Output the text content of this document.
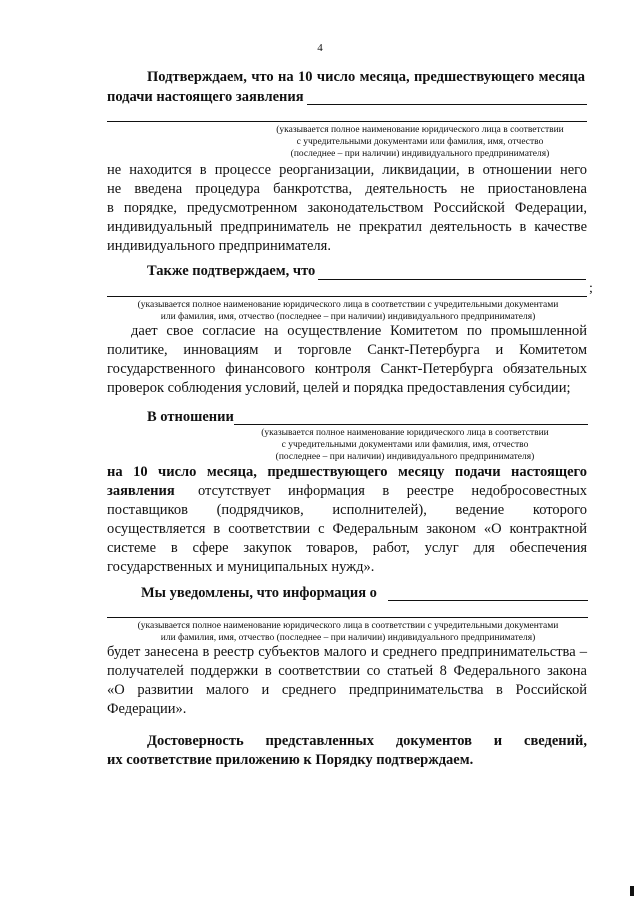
4
Подтверждаем, что на 10 число месяца, предшествующего месяца
подачи настоящего заявления
(указывается полное наименование юридического лица в соответствии
с учредительными документами или фамилия, имя, отчество
(последнее – при наличии) индивидуального предпринимателя)
не находится в процессе реорганизации, ликвидации, в отношении него
не введена процедура банкротства, деятельность не приостановлена
в порядке, предусмотренном законодательством Российской Федерации,
индивидуальный предприниматель не прекратил деятельность в качестве
индивидуального предпринимателя.
Также подтверждаем, что
;
(указывается полное наименование юридического лица в соответствии с учредительными документами
или фамилия, имя, отчество (последнее – при наличии) индивидуального предпринимателя)
дает свое согласие на осуществление Комитетом по промышленной
политике, инновациям и торговле Санкт-Петербурга и Комитетом
государственного финансового контроля Санкт-Петербурга обязательных
проверок соблюдения условий, целей и порядка предоставления субсидии;
В отношении
(указывается полное наименование юридического лица в соответствии
с учредительными документами или фамилия, имя, отчество
(последнее – при наличии) индивидуального предпринимателя)
на 10 число месяца, предшествующего месяцу подачи настоящего
заявления	отсутствует информация в реестре недобросовестных
поставщиков (подрядчиков, исполнителей), ведение которого
осуществляется в соответствии с Федеральным законом «О контрактной
системе в сфере закупок товаров, работ, услуг для обеспечения
государственных и муниципальных нужд».
Мы уведомлены, что информация о
(указывается полное наименование юридического лица в соответствии с учредительными документами
или фамилия, имя, отчество (последнее – при наличии) индивидуального предпринимателя)
будет занесена в реестр субъектов малого и среднего предпринимательства –
получателей поддержки в соответствии со статьей 8 Федерального закона
«О развитии малого и среднего предпринимательства в Российской
Федерации».
Достоверность представленных документов и сведений,
их соответствие приложению к Порядку подтверждаем.
